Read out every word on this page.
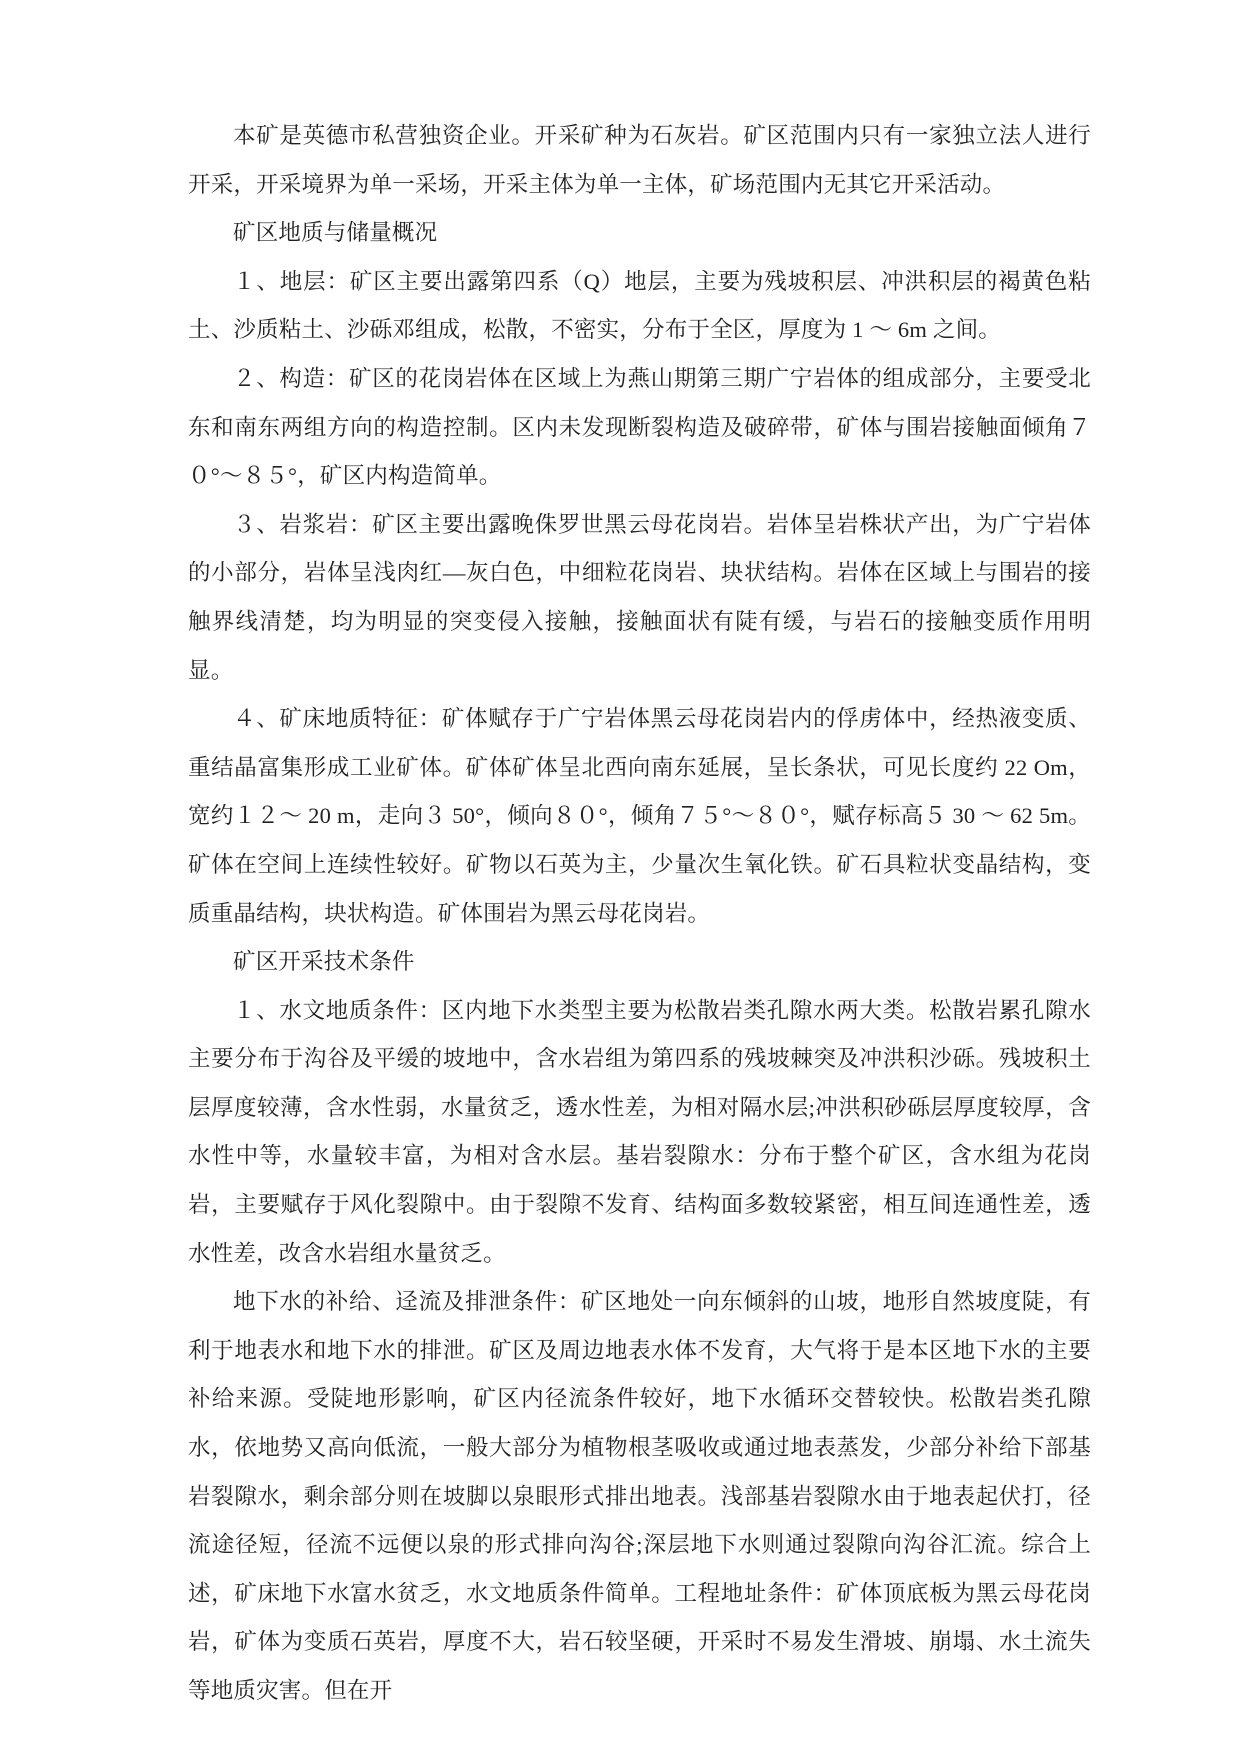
本矿是英德市私营独资企业。开采矿种为石灰岩。矿区范围内只有一家独立法人进行开采，开采境界为单一采场，开采主体为单一主体，矿场范围内无其它开采活动。

矿区地质与储量概况

１、地层：矿区主要出露第四系（Q）地层，主要为残坡积层、冲洪积层的褐黄色粘土、沙质粘土、沙砾邓组成，松散，不密实，分布于全区，厚度为 1 ～ 6m 之间。

２、构造：矿区的花岗岩体在区域上为燕山期第三期广宁岩体的组成部分，主要受北东和南东两组方向的构造控制。区内未发现断裂构造及破碎带，矿体与围岩接触面倾角７０°～８５°，矿区内构造简单。

３、岩浆岩：矿区主要出露晚侏罗世黑云母花岗岩。岩体呈岩株状产出，为广宁岩体的小部分，岩体呈浅肉红—灰白色，中细粒花岗岩、块状结构。岩体在区域上与围岩的接触界线清楚，均为明显的突变侵入接触，接触面状有陡有缓，与岩石的接触变质作用明显。

４、矿床地质特征：矿体赋存于广宁岩体黑云母花岗岩内的俘虏体中，经热液变质、重结晶富集形成工业矿体。矿体矿体呈北西向南东延展，呈长条状，可见长度约 22 Om，宽约１２～ 20 m，走向３ 50°，倾向８０°，倾角７５°～８０°，赋存标高５ 30 ～ 62 5m。矿体在空间上连续性较好。矿物以石英为主，少量次生氧化铁。矿石具粒状变晶结构，变质重晶结构，块状构造。矿体围岩为黑云母花岗岩。

矿区开采技术条件

１、水文地质条件：区内地下水类型主要为松散岩类孔隙水两大类。松散岩累孔隙水主要分布于沟谷及平缓的坡地中，含水岩组为第四系的残坡棘突及冲洪积沙砾。残坡积土层厚度较薄，含水性弱，水量贫乏，透水性差，为相对隔水层;冲洪积砂砾层厚度较厚，含水性中等，水量较丰富，为相对含水层。基岩裂隙水：分布于整个矿区，含水组为花岗岩，主要赋存于风化裂隙中。由于裂隙不发育、结构面多数较紧密，相互间连通性差，透水性差，改含水岩组水量贫乏。

地下水的补给、迳流及排泄条件：矿区地处一向东倾斜的山坡，地形自然坡度陡，有利于地表水和地下水的排泄。矿区及周边地表水体不发育，大气将于是本区地下水的主要补给来源。受陡地形影响，矿区内径流条件较好，地下水循环交替较快。松散岩类孔隙水，依地势又高向低流，一般大部分为植物根茎吸收或通过地表蒸发，少部分补给下部基岩裂隙水，剩余部分则在坡脚以泉眼形式排出地表。浅部基岩裂隙水由于地表起伏打，径流途径短，径流不远便以泉的形式排向沟谷;深层地下水则通过裂隙向沟谷汇流。综合上述，矿床地下水富水贫乏，水文地质条件简单。工程地址条件：矿体顶底板为黑云母花岗岩，矿体为变质石英岩，厚度不大，岩石较坚硬，开采时不易发生滑坡、崩塌、水土流失等地质灾害。但在开
